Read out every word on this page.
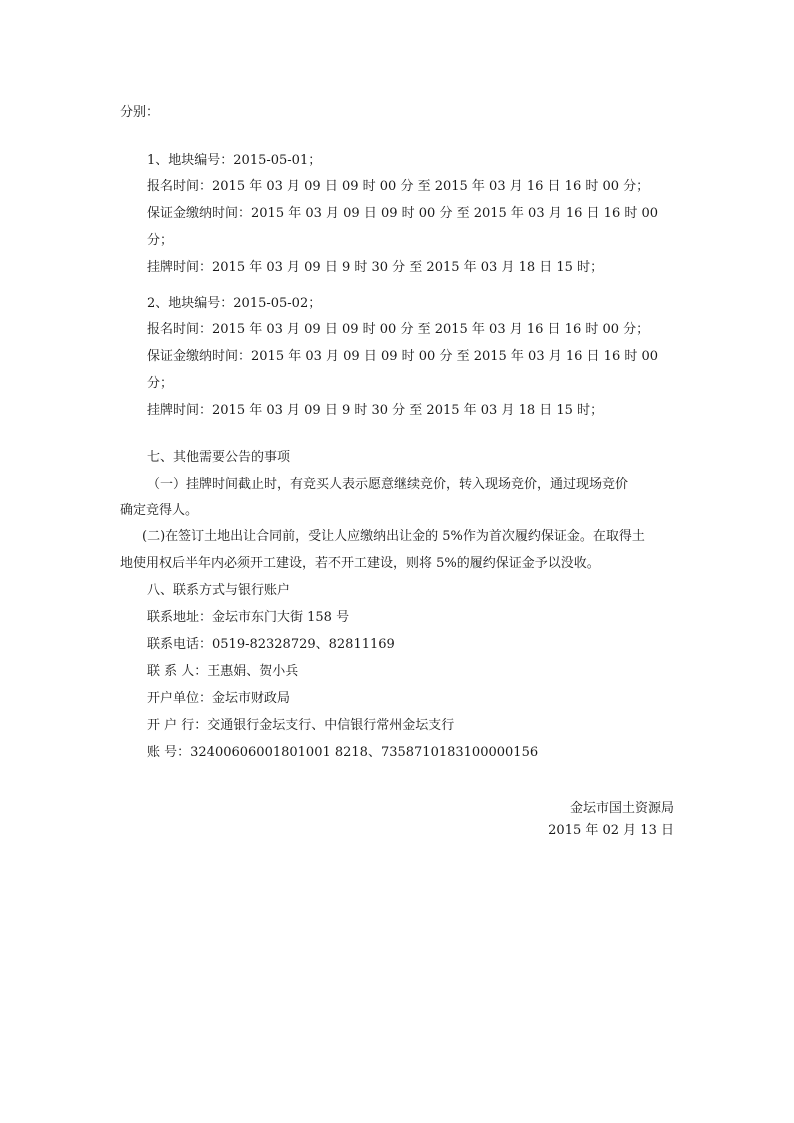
分别：
1、地块编号：2015-05-01；
报名时间：2015 年 03 月 09 日 09 时 00 分 至 2015 年 03 月 16 日 16 时 00 分；
保证金缴纳时间：2015 年 03 月 09 日 09 时 00 分 至 2015 年 03 月 16 日 16 时 00
分；
挂牌时间：2015 年 03 月 09 日 9 时 30 分 至 2015 年 03 月 18 日 15 时；
2、地块编号：2015-05-02；
报名时间：2015 年 03 月 09 日 09 时 00 分 至 2015 年 03 月 16 日 16 时 00 分；
保证金缴纳时间：2015 年 03 月 09 日 09 时 00 分 至 2015 年 03 月 16 日 16 时 00
分；
挂牌时间：2015 年 03 月 09 日 9 时 30 分 至 2015 年 03 月 18 日 15 时；
七、其他需要公告的事项
（一）挂牌时间截止时，有竞买人表示愿意继续竞价，转入现场竞价，通过现场竞价
确定竞得人。
(二)在签订土地出让合同前，受让人应缴纳出让金的 5%作为首次履约保证金。在取得土
地使用权后半年内必须开工建设，若不开工建设，则将 5%的履约保证金予以没收。
八、联系方式与银行账户
联系地址：金坛市东门大街 158 号
联系电话：0519-82328729、82811169
联 系 人：王惠娟、贺小兵
开户单位：金坛市财政局
开 户 行：交通银行金坛支行、中信银行常州金坛支行
账 号：32400606001801001 8218、7358710183100000156
金坛市国土资源局
2015 年 02 月 13 日
